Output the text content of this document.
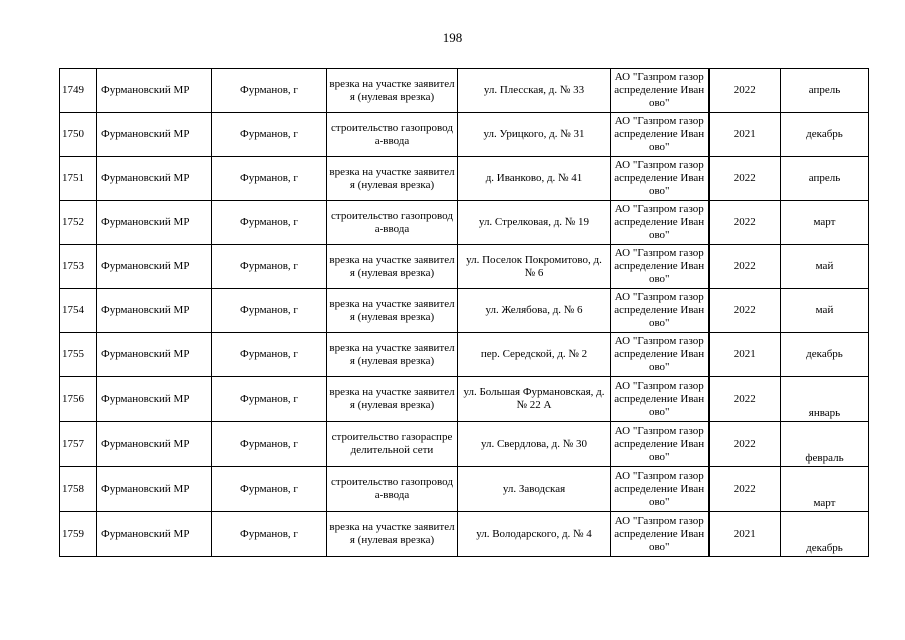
198
1749	Фурмановский МР	Фурманов, г	врезка на участке заявителя (нулевая врезка)	ул. Плесская, д. № 33	АО "Газпром газораспределение Иваново"	2022	апрель
1750	Фурмановский МР	Фурманов, г	строительство газопровода-ввода	ул. Урицкого, д. № 31	АО "Газпром газораспределение Иваново"	2021	декабрь
1751	Фурмановский МР	Фурманов, г	врезка на участке заявителя (нулевая врезка)	д. Иванково, д. № 41	АО "Газпром газораспределение Иваново"	2022	апрель
1752	Фурмановский МР	Фурманов, г	строительство газопровода-ввода	ул. Стрелковая, д. № 19	АО "Газпром газораспределение Иваново"	2022	март
1753	Фурмановский МР	Фурманов, г	врезка на участке заявителя (нулевая врезка)	ул. Поселок Покромитово, д. № 6	АО "Газпром газораспределение Иваново"	2022	май
1754	Фурмановский МР	Фурманов, г	врезка на участке заявителя (нулевая врезка)	ул. Желябова, д. № 6	АО "Газпром газораспределение Иваново"	2022	май
1755	Фурмановский МР	Фурманов, г	врезка на участке заявителя (нулевая врезка)	пер. Середской, д. № 2	АО "Газпром газораспределение Иваново"	2021	декабрь
1756	Фурмановский МР	Фурманов, г	врезка на участке заявителя (нулевая врезка)	ул. Большая Фурмановская, д. № 22 А	АО "Газпром газораспределение Иваново"	2022	январь
1757	Фурмановский МР	Фурманов, г	строительство газораспределительной сети	ул. Свердлова, д. № 30	АО "Газпром газораспределение Иваново"	2022	февраль
1758	Фурмановский МР	Фурманов, г	строительство газопровода-ввода	ул. Заводская	АО "Газпром газораспределение Иваново"	2022	март
1759	Фурмановский МР	Фурманов, г	врезка на участке заявителя (нулевая врезка)	ул. Володарского, д. № 4	АО "Газпром газораспределение Иваново"	2021	декабрь
